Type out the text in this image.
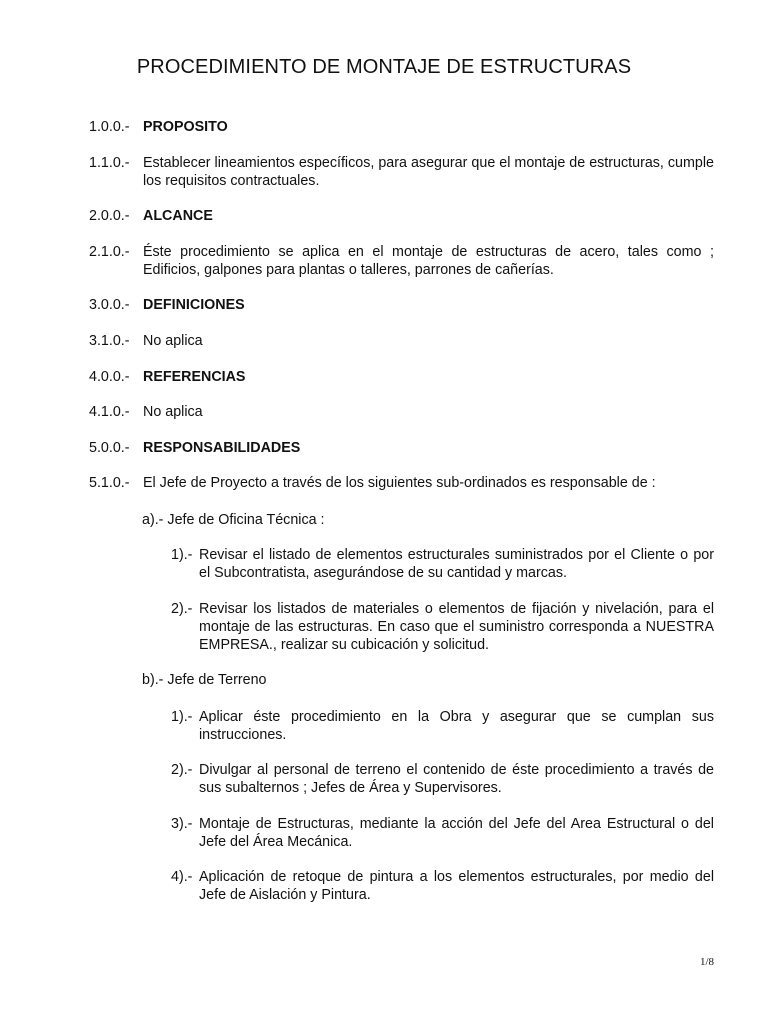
PROCEDIMIENTO DE MONTAJE DE ESTRUCTURAS
1.0.0.- PROPOSITO
1.1.0.- Establecer lineamientos específicos, para asegurar que el montaje de estructuras, cumple los requisitos contractuales.
2.0.0.- ALCANCE
2.1.0.- Éste procedimiento se aplica en el montaje de estructuras de acero, tales como ; Edificios, galpones para plantas o talleres, parrones de cañerías.
3.0.0.- DEFINICIONES
3.1.0.- No aplica
4.0.0.- REFERENCIAS
4.1.0.- No aplica
5.0.0.- RESPONSABILIDADES
5.1.0.- El Jefe de Proyecto a través de los siguientes sub-ordinados es responsable de :
a).- Jefe de Oficina Técnica :
1).- Revisar el listado de elementos estructurales suministrados por el Cliente o por el Subcontratista, asegurándose de su cantidad y marcas.
2).- Revisar los listados de materiales o elementos de fijación y nivelación, para el montaje de las estructuras. En caso que el suministro corresponda a NUESTRA EMPRESA., realizar su cubicación y solicitud.
b).- Jefe de Terreno
1).- Aplicar éste procedimiento en la Obra y asegurar que se cumplan sus instrucciones.
2).- Divulgar al personal de terreno el contenido de éste procedimiento a través de sus subalternos ; Jefes de Área y Supervisores.
3).- Montaje de Estructuras, mediante la acción del Jefe del Area Estructural o del Jefe del Área Mecánica.
4).- Aplicación de retoque de pintura a los elementos estructurales, por medio del Jefe de Aislación y Pintura.
1/8
